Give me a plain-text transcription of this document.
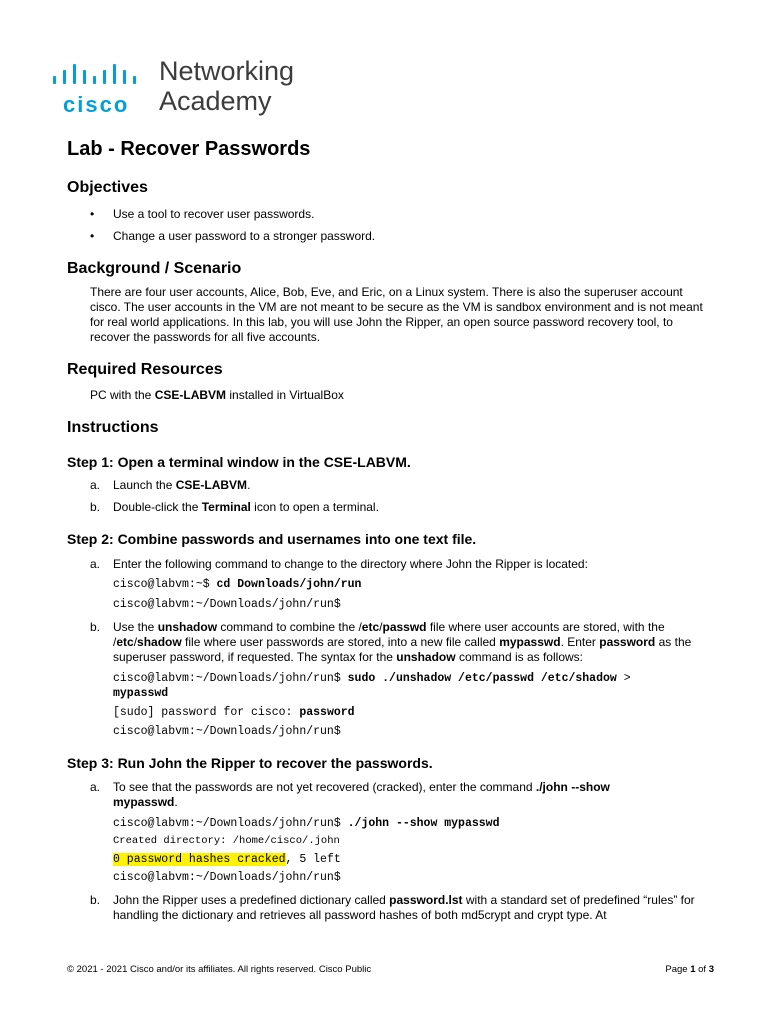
cisco
Networking
Academy
Lab - Recover Passwords
Objectives
• Use a tool to recover user passwords.
• Change a user password to a stronger password.
Background / Scenario
There are four user accounts, Alice, Bob, Eve, and Eric, on a Linux system. There is also the superuser account cisco. The user accounts in the VM are not meant to be secure as the VM is sandbox environment and is not meant for real world applications. In this lab, you will use John the Ripper, an open source password recovery tool, to recover the passwords for all five accounts.
Required Resources
PC with the CSE-LABVM installed in VirtualBox
Instructions
Step 1: Open a terminal window in the CSE-LABVM.
a. Launch the CSE-LABVM.
b. Double-click the Terminal icon to open a terminal.
Step 2: Combine passwords and usernames into one text file.
a. Enter the following command to change to the directory where John the Ripper is located:
cisco@labvm:~$ cd Downloads/john/run
cisco@labvm:~/Downloads/john/run$
b. Use the unshadow command to combine the /etc/passwd file where user accounts are stored, with the /etc/shadow file where user passwords are stored, into a new file called mypasswd. Enter password as the superuser password, if requested. The syntax for the unshadow command is as follows:
cisco@labvm:~/Downloads/john/run$ sudo ./unshadow /etc/passwd /etc/shadow >
mypasswd
[sudo] password for cisco: password
cisco@labvm:~/Downloads/john/run$
Step 3: Run John the Ripper to recover the passwords.
a. To see that the passwords are not yet recovered (cracked), enter the command ./john --show
mypasswd.
cisco@labvm:~/Downloads/john/run$ ./john --show mypasswd
Created directory: /home/cisco/.john
0 password hashes cracked, 5 left
cisco@labvm:~/Downloads/john/run$
b. John the Ripper uses a predefined dictionary called password.lst with a standard set of predefined “rules” for handling the dictionary and retrieves all password hashes of both md5crypt and crypt type. At
© 2021 - 2021 Cisco and/or its affiliates. All rights reserved. Cisco Public	Page 1 of 3
